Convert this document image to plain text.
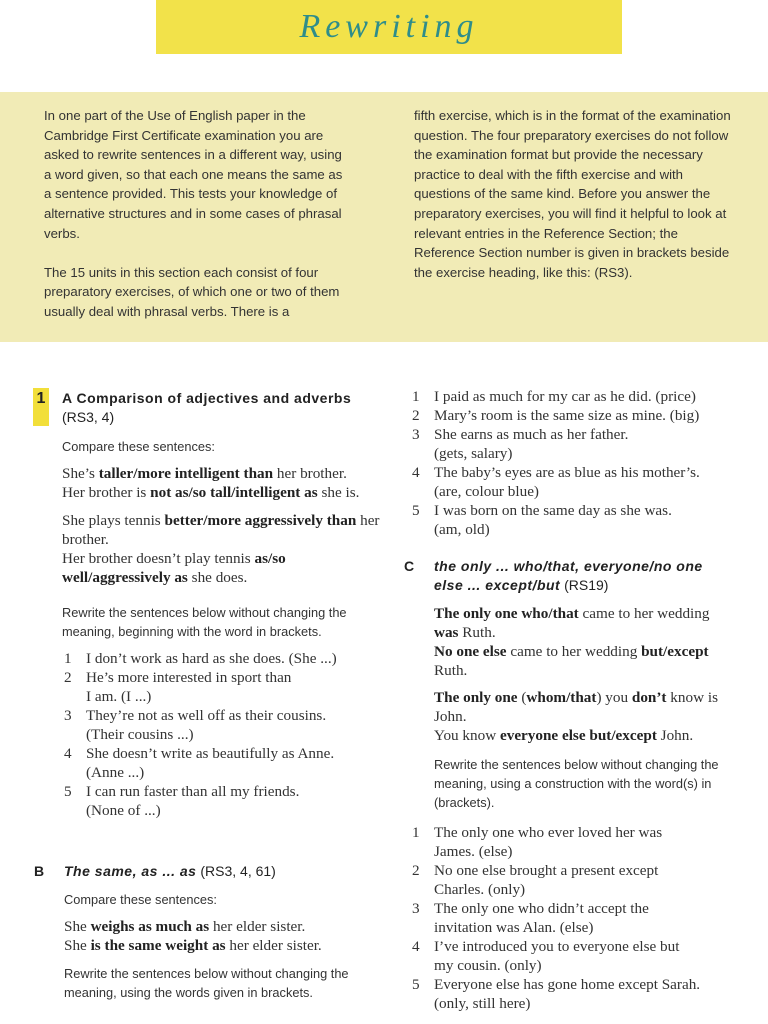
Rewriting

In one part of the Use of English paper in the Cambridge First Certificate examination you are asked to rewrite sentences in a different way, using a word given, so that each one means the same as a sentence provided. This tests your knowledge of alternative structures and in some cases of phrasal verbs.

The 15 units in this section each consist of four preparatory exercises, of which one or two of them usually deal with phrasal verbs. There is a

fifth exercise, which is in the format of the examination question. The four preparatory exercises do not follow the examination format but provide the necessary practice to deal with the fifth exercise and with questions of the same kind. Before you answer the preparatory exercises, you will find it helpful to look at relevant entries in the Reference Section; the Reference Section number is given in brackets beside the exercise heading, like this: (RS3).

1 A Comparison of adjectives and adverbs (RS3, 4)

Compare these sentences:

She’s taller/more intelligent than her brother.
Her brother is not as/so tall/intelligent as she is.

She plays tennis better/more aggressively than her brother.
Her brother doesn’t play tennis as/so well/aggressively as she does.

Rewrite the sentences below without changing the meaning, beginning with the word in brackets.

1 I don’t work as hard as she does. (She ...)
2 He’s more interested in sport than
I am. (I ...)
3 They’re not as well off as their cousins.
(Their cousins ...)
4 She doesn’t write as beautifully as Anne.
(Anne ...)
5 I can run faster than all my friends.
(None of ...)
B The same, as ... as (RS3, 4, 61)

Compare these sentences:

She weighs as much as her elder sister.
She is the same weight as her elder sister.

Rewrite the sentences below without changing the meaning, using the words given in brackets.

1 I paid as much for my car as he did. (price)
2 Mary’s room is the same size as mine. (big)
3 She earns as much as her father.
(gets, salary)
4 The baby’s eyes are as blue as his mother’s.
(are, colour blue)
5 I was born on the same day as she was.
(am, old)
C the only ... who/that, everyone/no one
else ... except/but (RS19)

The only one who/that came to her wedding
was Ruth.
No one else came to her wedding but/except
Ruth.

The only one (whom/that) you don’t know is
John.
You know everyone else but/except John.

Rewrite the sentences below without changing the meaning, using a construction with the word(s) in (brackets).

1 The only one who ever loved her was
James. (else)
2 No one else brought a present except
Charles. (only)
3 The only one who didn’t accept the
invitation was Alan. (else)
4 I’ve introduced you to everyone else but
my cousin. (only)
5 Everyone else has gone home except Sarah.
(only, still here)
